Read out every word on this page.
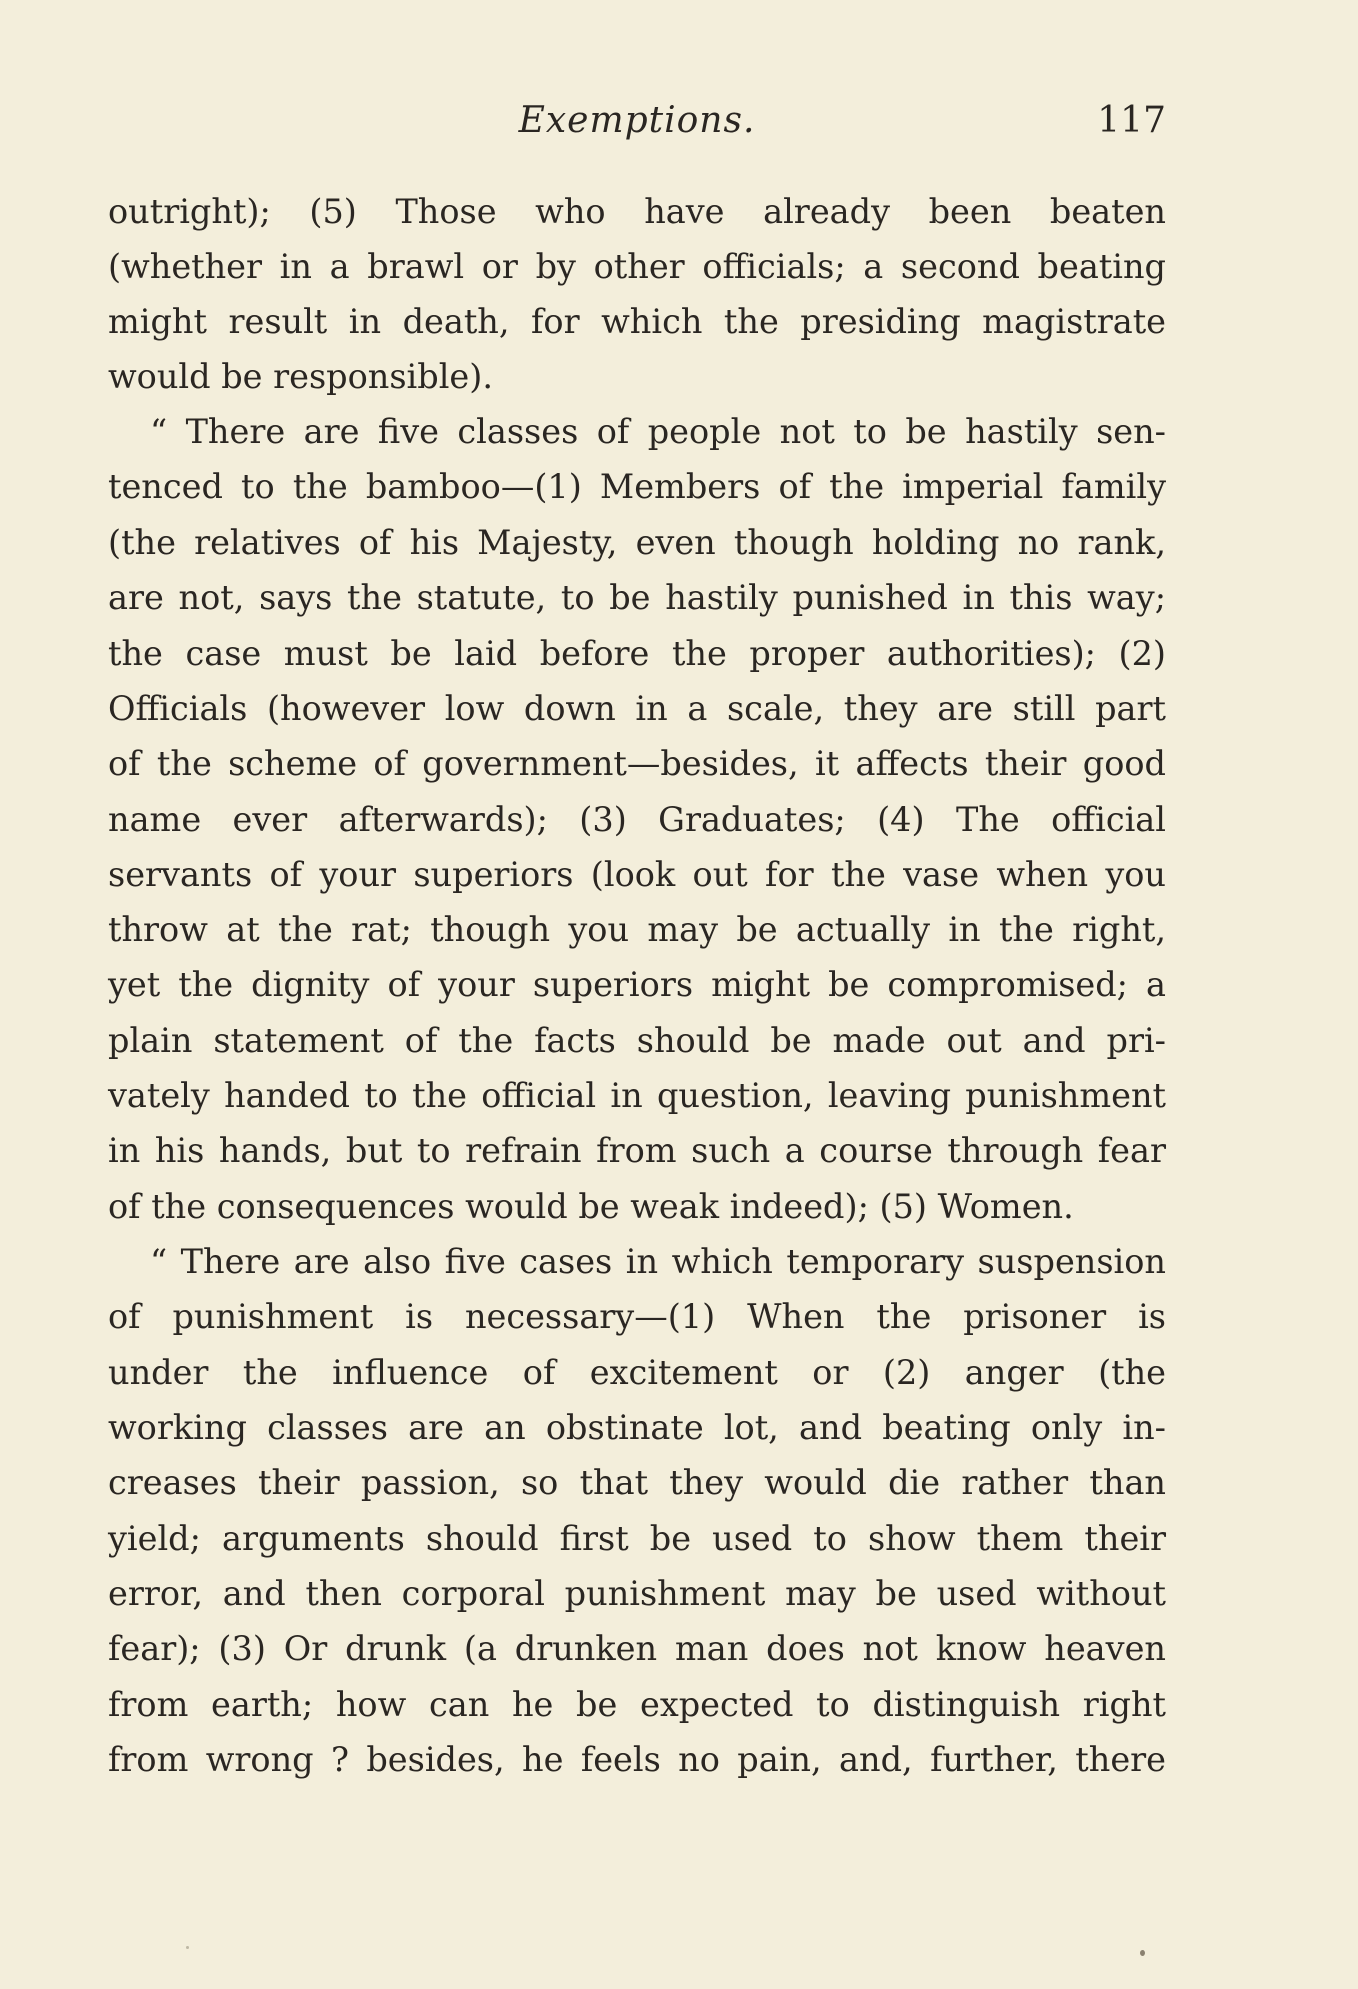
Exemptions.	117

outright); (5) Those who have already been beaten

(whether in a brawl or by other officials; a second beating

might result in death, for which the presiding magistrate

would be responsible).

“ There are five classes of people not to be hastily sen-

tenced to the bamboo—(1) Members of the imperial family

(the relatives of his Majesty, even though holding no rank,

are not, says the statute, to be hastily punished in this way;

the case must be laid before the proper authorities); (2)

Officials (however low down in a scale, they are still part

of the scheme of government—besides, it affects their good

name ever afterwards); (3) Graduates; (4) The official

servants of your superiors (look out for the vase when you

throw at the rat; though you may be actually in the right,

yet the dignity of your superiors might be compromised; a

plain statement of the facts should be made out and pri-

vately handed to the official in question, leaving punishment

in his hands, but to refrain from such a course through fear

of the consequences would be weak indeed); (5) Women.

“ There are also five cases in which temporary suspension

of punishment is necessary—(1) When the prisoner is

under the influence of excitement or (2) anger (the

working classes are an obstinate lot, and beating only in-

creases their passion, so that they would die rather than

yield; arguments should first be used to show them their

error, and then corporal punishment may be used without

fear); (3) Or drunk (a drunken man does not know heaven

from earth; how can he be expected to distinguish right

from wrong ? besides, he feels no pain, and, further, there
